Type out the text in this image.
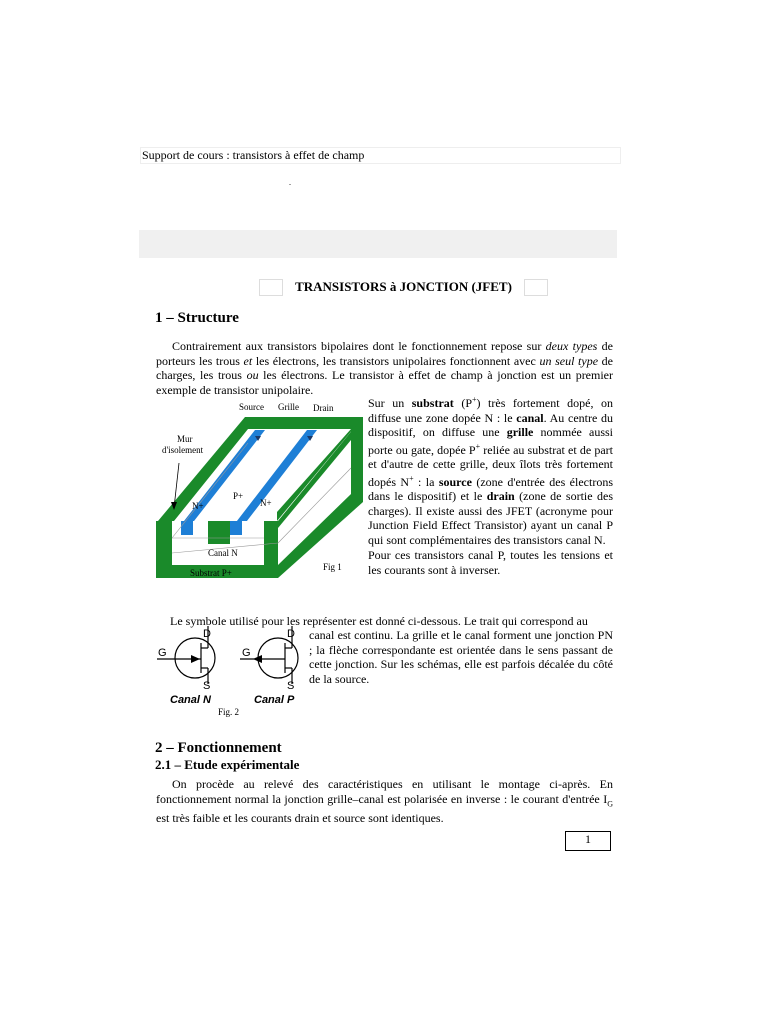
Support de cours : transistors à effet de champ
.
TRANSISTORS à JONCTION (JFET)
1 – Structure
Contrairement aux transistors bipolaires dont le fonctionnement repose sur deux types de porteurs les trous et les électrons, les transistors unipolaires fonctionnent avec un seul type de charges, les trous ou les électrons. Le transistor à effet de champ à jonction est un premier exemple de transistor unipolaire.
Source Grille Drain
Mur
d'isolement
N+
P+
N+
Canal N
Substrat P+
Fig 1
Sur un substrat (P+) très fortement dopé, on diffuse une zone dopée N : le canal. Au centre du dispositif, on diffuse une grille nommée aussi porte ou gate, dopée P+ reliée au substrat et de part et d'autre de cette grille, deux îlots très fortement dopés N+ : la source (zone d'entrée des électrons dans le dispositif) et le drain (zone de sortie des charges). Il existe aussi des JFET (acronyme pour Junction Field Effect Transistor) ayant un canal P qui sont complémentaires des transistors canal N.
Pour ces transistors canal P, toutes les tensions et les courants sont à inverser.
Le symbole utilisé pour les représenter est donné ci-dessous. Le trait qui correspond au
canal est continu. La grille et le canal forment une jonction PN ; la flèche correspondante est orientée dans le sens passant de cette jonction. Sur les schémas, elle est parfois décalée du côté de la source.
D
G
S
D
G
S
Canal N	Canal P
Fig. 2
2 – Fonctionnement
2.1 – Etude expérimentale
On procède au relevé des caractéristiques en utilisant le montage ci-après. En fonctionnement normal la jonction grille–canal est polarisée en inverse : le courant d'entrée $I_G$ est très faible et les courants drain et source sont identiques.
1
